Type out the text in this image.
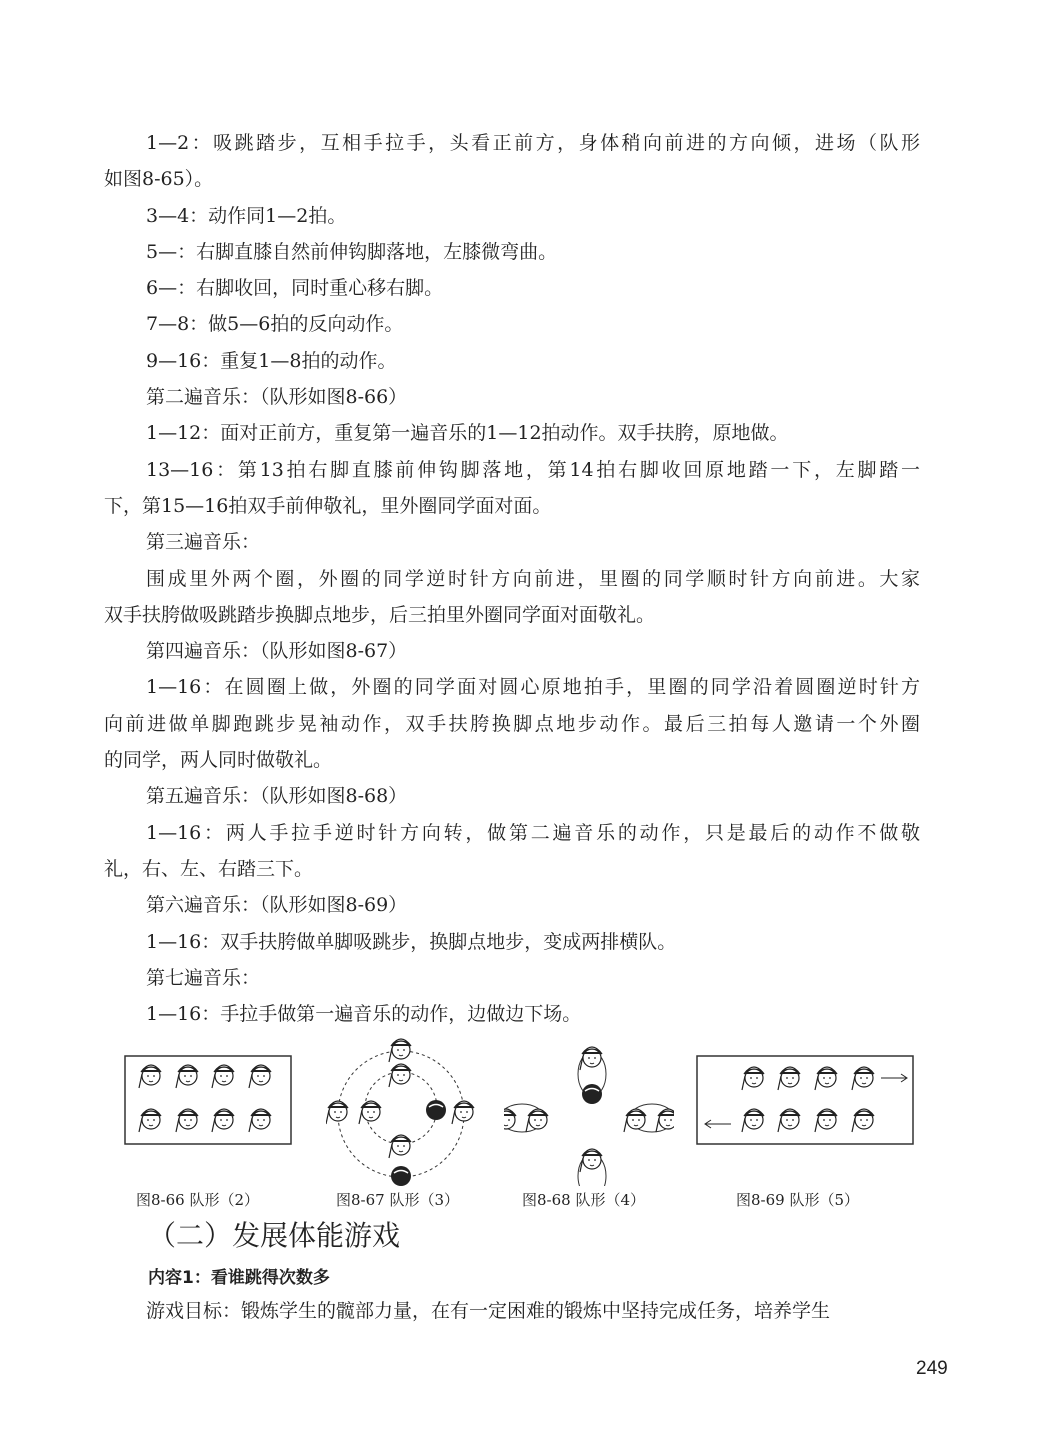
1—2：吸跳踏步，互相手拉手，头看正前方，身体稍向前进的方向倾，进场（队形
如图8-65）。
3—4：动作同1—2拍。
5—：右脚直膝自然前伸钩脚落地，左膝微弯曲。
6—：右脚收回，同时重心移右脚。
7—8：做5—6拍的反向动作。
9—16：重复1—8拍的动作。
第二遍音乐：（队形如图8-66）
1—12：面对正前方，重复第一遍音乐的1—12拍动作。双手扶胯，原地做。
13—16：第13拍右脚直膝前伸钩脚落地，第14拍右脚收回原地踏一下，左脚踏一
下，第15—16拍双手前伸敬礼，里外圈同学面对面。
第三遍音乐：
围成里外两个圈，外圈的同学逆时针方向前进，里圈的同学顺时针方向前进。大家
双手扶胯做吸跳踏步换脚点地步，后三拍里外圈同学面对面敬礼。
第四遍音乐：（队形如图8-67）
1—16：在圆圈上做，外圈的同学面对圆心原地拍手，里圈的同学沿着圆圈逆时针方
向前进做单脚跑跳步晃袖动作，双手扶胯换脚点地步动作。最后三拍每人邀请一个外圈
的同学，两人同时做敬礼。
第五遍音乐：（队形如图8-68）
1—16：两人手拉手逆时针方向转，做第二遍音乐的动作，只是最后的动作不做敬
礼，右、左、右踏三下。
第六遍音乐：（队形如图8-69）
1—16：双手扶胯做单脚吸跳步，换脚点地步，变成两排横队。
第七遍音乐：
1—16：手拉手做第一遍音乐的动作，边做边下场。
图8-66 队形（2）	图8-67 队形（3）	图8-68 队形（4）	图8-69 队形（5）
（二）发展体能游戏
内容1：看谁跳得次数多
游戏目标：锻炼学生的髋部力量，在有一定困难的锻炼中坚持完成任务，培养学生
249
